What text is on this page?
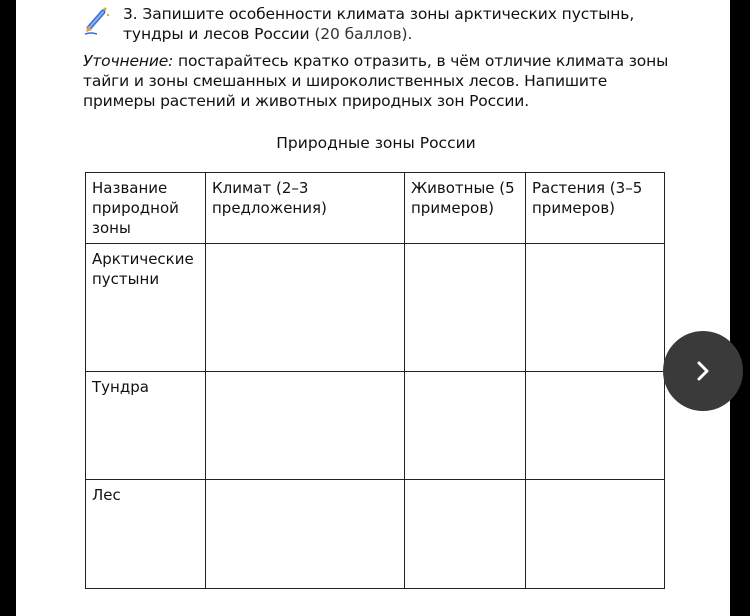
3. Запишите особенности климата зоны арктических пустынь,
тундры и лесов России (20 баллов).
Уточнение: постарайтесь кратко отразить, в чём отличие климата зоны тайги и зоны смешанных и широколиственных лесов. Напишите примеры растений и животных природных зон России.
Природные зоны России
Название природной зоны	Климат (2–3 предложения)	Животные (5 примеров)	Растения (3–5 примеров)
Арктические пустыни			
Тундра			
Лес			
